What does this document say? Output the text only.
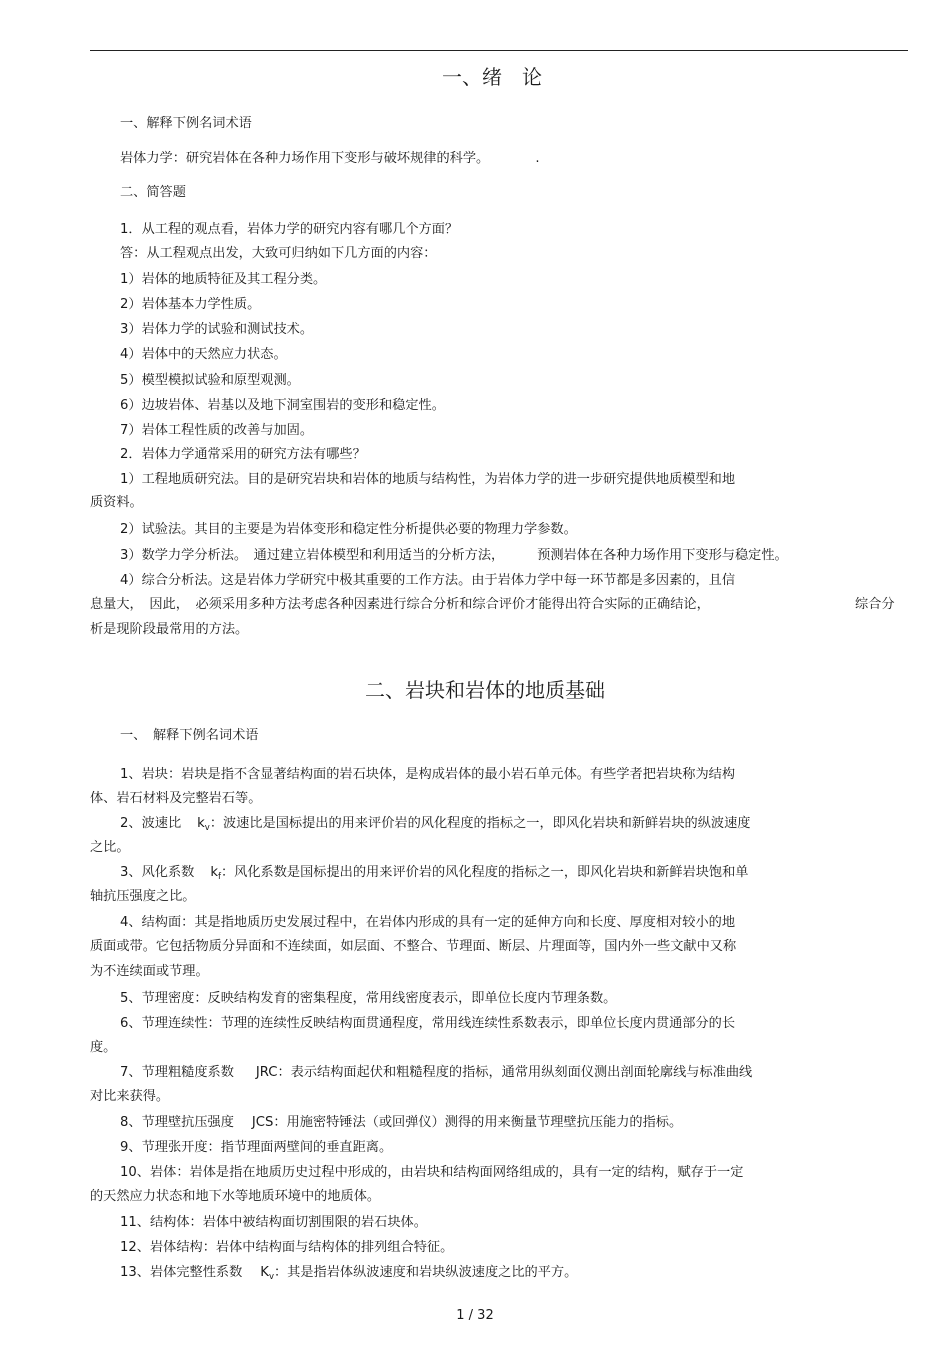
一、绪　论
一、解释下例名词术语
岩体力学：研究岩体在各种力场作用下变形与破坏规律的科学。　　　　.
二、简答题
1．从工程的观点看，岩体力学的研究内容有哪几个方面？
答：从工程观点出发，大致可归纳如下几方面的内容：
1）岩体的地质特征及其工程分类。
2）岩体基本力学性质。
3）岩体力学的试验和测试技术。
4）岩体中的天然应力状态。
5）模型模拟试验和原型观测。
6）边坡岩体、岩基以及地下洞室围岩的变形和稳定性。
7）岩体工程性质的改善与加固。
2．岩体力学通常采用的研究方法有哪些？
1）工程地质研究法。目的是研究岩块和岩体的地质与结构性，为岩体力学的进一步研究提供地质模型和地
质资料。
2）试验法。其目的主要是为岩体变形和稳定性分析提供必要的物理力学参数。
3）数学力学分析法。　通过建立岩体模型和利用适当的分析方法，　　　预测岩体在各种力场作用下变形与稳定性。
4）综合分析法。这是岩体力学研究中极其重要的工作方法。由于岩体力学中每一环节都是多因素的，且信
息量大，　因此，　必须采用多种方法考虑各种因素进行综合分析和综合评价才能得出符合实际的正确结论，	综合分
析是现阶段最常用的方法。
二、岩块和岩体的地质基础
一、　解释下例名词术语
1、岩块：岩块是指不含显著结构面的岩石块体，是构成岩体的最小岩石单元体。有些学者把岩块称为结构
体、岩石材料及完整岩石等。
2、波速比 $k_v$：波速比是国标提出的用来评价岩的风化程度的指标之一，即风化岩块和新鲜岩块的纵波速度
之比。
3、风化系数 $k_f$：风化系数是国标提出的用来评价岩的风化程度的指标之一，即风化岩块和新鲜岩块饱和单
轴抗压强度之比。
4、结构面：其是指地质历史发展过程中，在岩体内形成的具有一定的延伸方向和长度、厚度相对较小的地
质面或带。它包括物质分异面和不连续面，如层面、不整合、节理面、断层、片理面等，国内外一些文献中又称
为不连续面或节理。
5、节理密度：反映结构发育的密集程度，常用线密度表示，即单位长度内节理条数。
6、节理连续性：节理的连续性反映结构面贯通程度，常用线连续性系数表示，即单位长度内贯通部分的长
度。
7、节理粗糙度系数 JRC：表示结构面起伏和粗糙程度的指标，通常用纵刻面仪测出剖面轮廓线与标准曲线
对比来获得。
8、节理壁抗压强度 JCS：用施密特锤法（或回弹仪）测得的用来衡量节理壁抗压能力的指标。
9、节理张开度：指节理面两壁间的垂直距离。
10、岩体：岩体是指在地质历史过程中形成的，由岩块和结构面网络组成的，具有一定的结构，赋存于一定
的天然应力状态和地下水等地质环境中的地质体。
11、结构体：岩体中被结构面切割围限的岩石块体。
12、岩体结构：岩体中结构面与结构体的排列组合特征。
13、岩体完整性系数 $K_v$：其是指岩体纵波速度和岩块纵波速度之比的平方。
1 / 32
